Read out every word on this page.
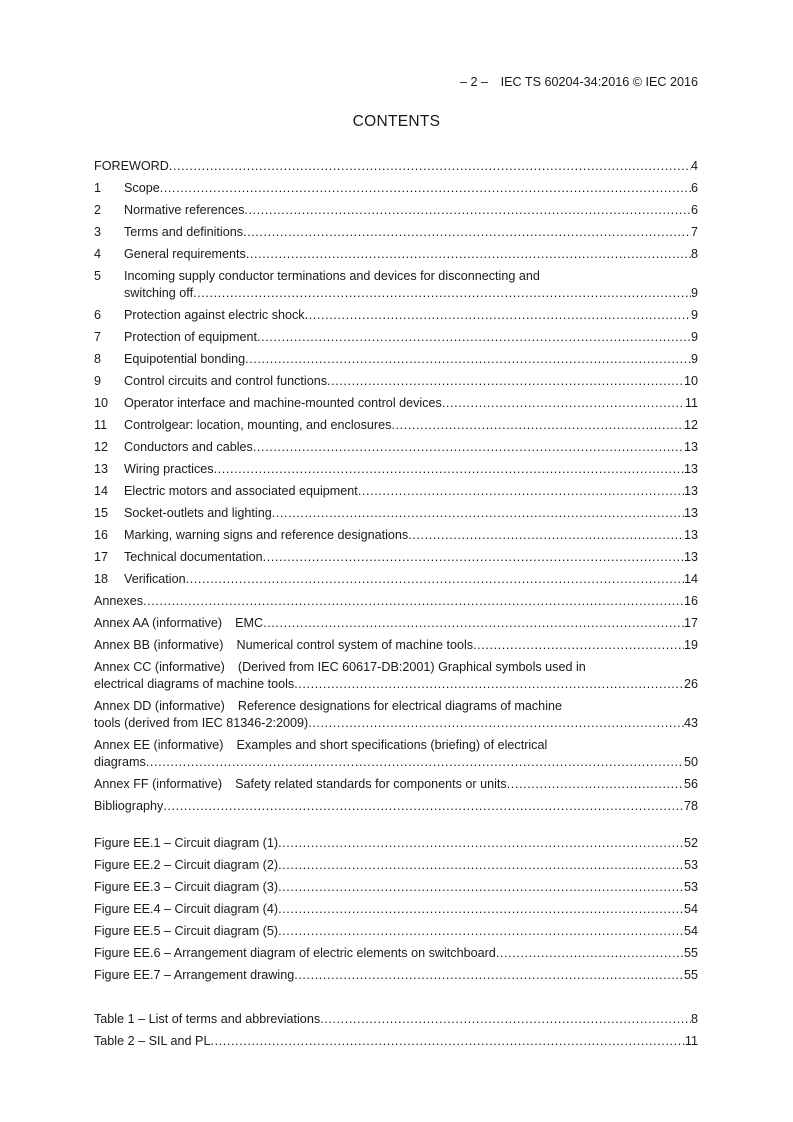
– 2 – IEC TS 60204-34:2016 © IEC 2016
CONTENTS
FOREWORD .....	4
1	Scope .....	6
2	Normative references .....	6
3	Terms and definitions .....	7
4	General requirements .....	8
5	Incoming supply conductor terminations and devices for disconnecting and
switching off .....	9
6	Protection against electric shock .....	9
7	Protection of equipment .....	9
8	Equipotential bonding .....	9
9	Control circuits and control functions .....	10
10	Operator interface and machine-mounted control devices .....	11
11	Controlgear: location, mounting, and enclosures .....	12
12	Conductors and cables .....	13
13	Wiring practices .....	13
14	Electric motors and associated equipment .....	13
15	Socket-outlets and lighting .....	13
16	Marking, warning signs and reference designations .....	13
17	Technical documentation .....	13
18	Verification .....	14
Annexes .....	16
Annex AA (informative) EMC .....	17
Annex BB (informative) Numerical control system of machine tools .....	19
Annex CC (informative) (Derived from IEC 60617-DB:2001) Graphical symbols used in
electrical diagrams of machine tools .....	26
Annex DD (informative) Reference designations for electrical diagrams of machine
tools (derived from IEC 81346-2:2009) .....	43
Annex EE (informative) Examples and short specifications (briefing) of electrical
diagrams .....	50
Annex FF (informative) Safety related standards for components or units .....	56
Bibliography .....	78
Figure EE.1 – Circuit diagram (1) .....	52
Figure EE.2 – Circuit diagram (2) .....	53
Figure EE.3 – Circuit diagram (3) .....	53
Figure EE.4 – Circuit diagram (4) .....	54
Figure EE.5 – Circuit diagram (5) .....	54
Figure EE.6 – Arrangement diagram of electric elements on switchboard .....	55
Figure EE.7 – Arrangement drawing .....	55
Table 1 – List of terms and abbreviations .....	8
Table 2 – SIL and PL .....	11
